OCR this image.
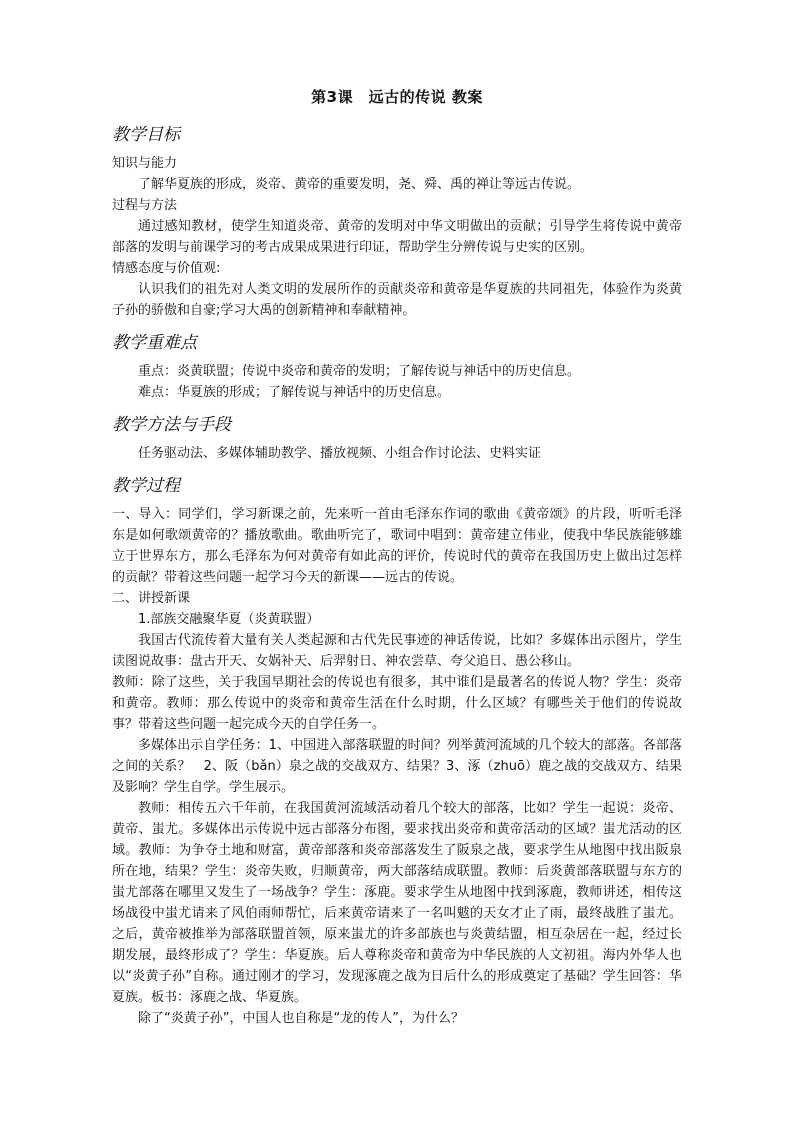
第3课　远古的传说 教案
教学目标
知识与能力

了解华夏族的形成，炎帝、黄帝的重要发明，尧、舜、禹的禅让等远古传说。

过程与方法

通过感知教材，使学生知道炎帝、黄帝的发明对中华文明做出的贡献；引导学生将传说中黄帝部落的发明与前课学习的考古成果成果进行印证，帮助学生分辨传说与史实的区别。

情感态度与价值观:

认识我们的祖先对人类文明的发展所作的贡献炎帝和黄帝是华夏族的共同祖先，体验作为炎黄子孙的骄傲和自豪;学习大禹的创新精神和奉献精神。

教学重难点

重点：炎黄联盟；传说中炎帝和黄帝的发明；了解传说与神话中的历史信息。

难点：华夏族的形成；了解传说与神话中的历史信息。

教学方法与手段

任务驱动法、多媒体辅助教学、播放视频、小组合作讨论法、史料实证

教学过程

一、导入：同学们，学习新课之前，先来听一首由毛泽东作词的歌曲《黄帝颂》的片段，听听毛泽东是如何歌颂黄帝的？播放歌曲。歌曲听完了，歌词中唱到：黄帝建立伟业，使我中华民族能够雄立于世界东方，那么毛泽东为何对黄帝有如此高的评价，传说时代的黄帝在我国历史上做出过怎样的贡献？带着这些问题一起学习今天的新课——远古的传说。

二、讲授新课

1.部族交融聚华夏（炎黄联盟）

我国古代流传着大量有关人类起源和古代先民事迹的神话传说，比如？多媒体出示图片，学生读图说故事：盘古开天、女娲补天、后羿射日、神农尝草、夸父追日、愚公移山。

教师：除了这些，关于我国早期社会的传说也有很多，其中谁们是最著名的传说人物？学生：炎帝和黄帝。教师：那么传说中的炎帝和黄帝生活在什么时期，什么区域？有哪些关于他们的传说故事？带着这些问题一起完成今天的自学任务一。

多媒体出示自学任务：1、中国进入部落联盟的时间？列举黄河流域的几个较大的部落。各部落之间的关系？　2、阪（bǎn）泉之战的交战双方、结果？3、涿（zhuō）鹿之战的交战双方、结果及影响？学生自学。学生展示。

教师：相传五六千年前，在我国黄河流域活动着几个较大的部落，比如？学生一起说：炎帝、黄帝、蚩尤。多媒体出示传说中远古部落分布图，要求找出炎帝和黄帝活动的区域？蚩尤活动的区域。教师：为争夺土地和财富，黄帝部落和炎帝部落发生了阪泉之战，要求学生从地图中找出阪泉所在地，结果？学生：炎帝失败，归顺黄帝，两大部落结成联盟。教师：后炎黄部落联盟与东方的蚩尤部落在哪里又发生了一场战争？学生：涿鹿。要求学生从地图中找到涿鹿，教师讲述，相传这场战役中蚩尤请来了风伯雨师帮忙，后来黄帝请来了一名叫魃的天女才止了雨，最终战胜了蚩尤。之后，黄帝被推举为部落联盟首领，原来蚩尤的许多部族也与炎黄结盟，相互杂居在一起，经过长期发展，最终形成了？学生：华夏族。后人尊称炎帝和黄帝为中华民族的人文初祖。海内外华人也以“炎黄子孙”自称。通过刚才的学习，发现涿鹿之战为日后什么的形成奠定了基础？学生回答：华夏族。板书：涿鹿之战、华夏族。

除了“炎黄子孙”，中国人也自称是“龙的传人”，为什么？
